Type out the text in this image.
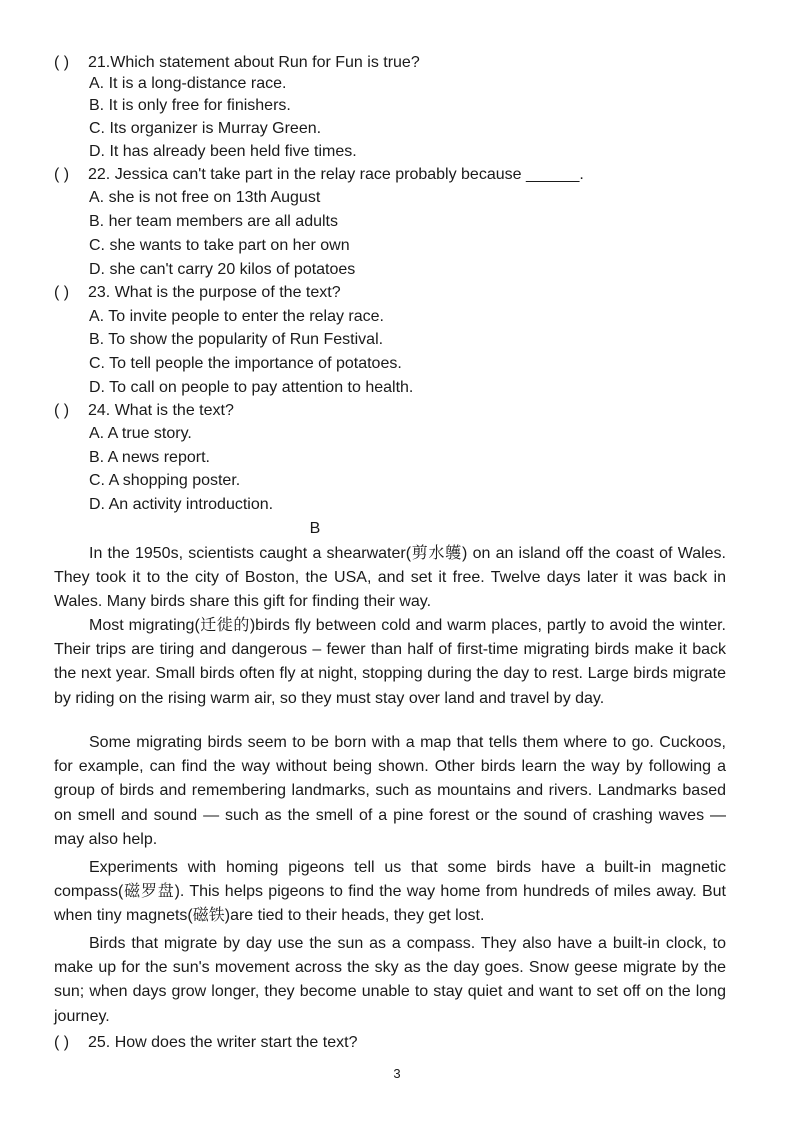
( ) 21.Which statement about Run for Fun is true?
A. It is a long-distance race.
B. It is only free for finishers.
C. Its organizer is Murray Green.
D. It has already been held five times.
( ) 22. Jessica can't take part in the relay race probably because ______.
A. she is not free on 13th August
B. her team members are all adults
C. she wants to take part on her own
D. she can't carry 20 kilos of potatoes
( ) 23. What is the purpose of the text?
A. To invite people to enter the relay race.
B. To show the popularity of Run Festival.
C. To tell people the importance of potatoes.
D. To call on people to pay attention to health.
( ) 24. What is the text?
A. A true story.
B. A news report.
C. A shopping poster.
D. An activity introduction.
B
In the 1950s, scientists caught a shearwater(剪水鹱) on an island off the coast of Wales. They took it to the city of Boston, the USA, and set it free. Twelve days later it was back in Wales. Many birds share this gift for finding their way.
Most migrating(迁徙的)birds fly between cold and warm places, partly to avoid the winter. Their trips are tiring and dangerous – fewer than half of first-time migrating birds make it back the next year. Small birds often fly at night, stopping during the day to rest. Large birds migrate by riding on the rising warm air, so they must stay over land and travel by day.
Some migrating birds seem to be born with a map that tells them where to go. Cuckoos, for example, can find the way without being shown. Other birds learn the way by following a group of birds and remembering landmarks, such as mountains and rivers. Landmarks based on smell and sound — such as the smell of a pine forest or the sound of crashing waves — may also help.
Experiments with homing pigeons tell us that some birds have a built-in magnetic compass(磁罗盘). This helps pigeons to find the way home from hundreds of miles away. But when tiny magnets(磁铁)are tied to their heads, they get lost.
Birds that migrate by day use the sun as a compass. They also have a built-in clock, to make up for the sun's movement across the sky as the day goes. Snow geese migrate by the sun; when days grow longer, they become unable to stay quiet and want to set off on the long journey.
( ) 25. How does the writer start the text?
3
